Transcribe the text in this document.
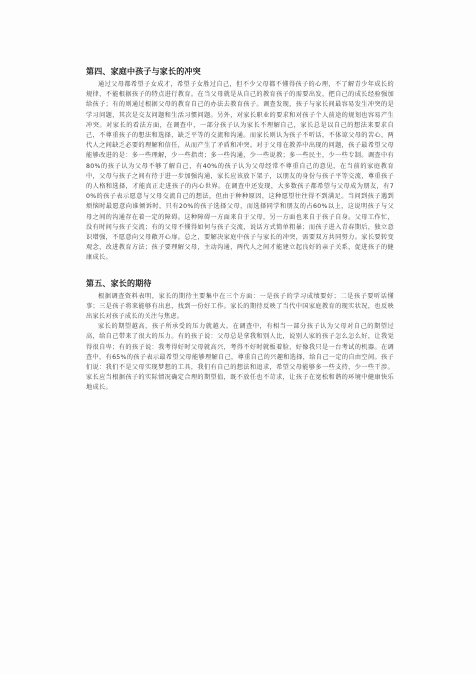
第四、家庭中孩子与家长的冲突

通过父母都希望子女成才，希望子女胜过自己，但不少父母都不懂得孩子的心理，不了解青少年成长的规律，不能根据孩子的特点进行教育。在当父母就是从自己的教育孩子的需要出发，把自己的成长经验强加给孩子；有的则通过根据父母的教育自己的办法去教育孩子。调查发现，孩子与家长间最容易发生冲突的是学习问题，其次是交友问题和生活习惯问题。另外，对家长职业的要求和对孩子个人前途的规划也容易产生冲突。对家长的看法方面，在调查中，一部分孩子认为家长不理解自己，家长总是以自己的想法来要求自己，不尊重孩子的想法和选择，缺乏平等的交流和沟通。而家长则认为孩子不听话，不体谅父母的苦心，两代人之间缺乏必要的理解和信任，从而产生了矛盾和冲突。对于父母在教养中出现的问题，孩子最希望父母能够改进的是：多一些理解，少一些指责；多一些沟通，少一些说教；多一些民主，少一些专制。调查中有80%的孩子认为父母不够了解自己，有40%的孩子认为父母经常不尊重自己的意见，在当前的家庭教育中，父母与孩子之间有待于进一步加强沟通，家长应该放下架子，以朋友的身份与孩子平等交流，尊重孩子的人格和选择，才能真正走进孩子的内心世界。在调查中还发现，大多数孩子都希望与父母成为朋友，有70%的孩子表示愿意与父母交流自己的想法，但由于种种原因，这种愿望往往得不到满足。当问到孩子遇到烦恼时最愿意向谁倾诉时，只有20%的孩子选择父母，而选择同学和朋友的占60%以上，这说明孩子与父母之间的沟通存在着一定的障碍。这种障碍一方面来自于父母，另一方面也来自于孩子自身。父母工作忙，没有时间与孩子交流；有的父母不懂得如何与孩子交流，说话方式简单粗暴；而孩子进入青春期后，独立意识增强，不愿意向父母敞开心扉。总之，要解决家庭中孩子与家长的冲突，需要双方共同努力。家长要转变观念，改进教育方法；孩子要理解父母，主动沟通，两代人之间才能建立起良好的亲子关系，促进孩子的健康成长。

第五、家长的期待

根据调查资料表明，家长的期待主要集中在三个方面：一是孩子的学习成绩要好；二是孩子要听话懂事；三是孩子将来能够有出息，找到一份好工作。家长的期待反映了当代中国家庭教育的现实状况，也反映出家长对孩子成长的关注与焦虑。

家长的期望越高，孩子所承受的压力就越大。在调查中，有相当一部分孩子认为父母对自己的期望过高，给自己带来了很大的压力。有的孩子说：父母总是拿我和别人比，说别人家的孩子怎么怎么好，让我觉得很自卑；有的孩子说：我考得好时父母就高兴，考得不好时就板着脸，好像我只是一台考试的机器。在调查中，有65%的孩子表示最希望父母能够理解自己，尊重自己的兴趣和选择，给自己一定的自由空间。孩子们说：我们不是父母实现梦想的工具，我们有自己的想法和追求，希望父母能够多一些支持，少一些干涉。家长应当根据孩子的实际情况确定合理的期望值，既不放任也不苛求，让孩子在宽松和谐的环境中健康快乐地成长。
